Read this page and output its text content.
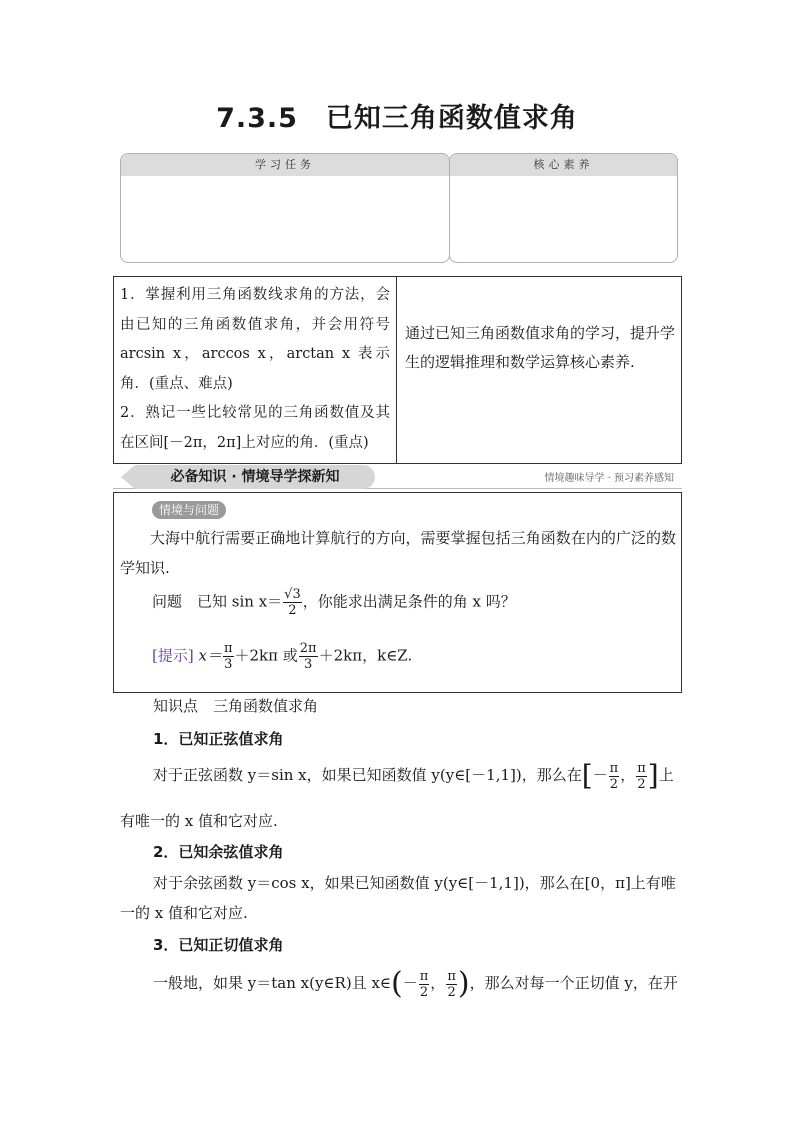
7.3.5　已知三角函数值求角
学习任务	核心素养
1．掌握利用三角函数线求角的方法，会由已知的三角函数值求角，并会用符号 arcsin x，arccos x，arctan x 表示角．(重点、难点)
2．熟记一些比较常见的三角函数值及其在区间[－2π，2π]上对应的角．(重点)
通过已知三角函数值求角的学习，提升学生的逻辑推理和数学运算核心素养.
必备知识 · 情境导学探新知	情境趣味导学 · 预习素养感知
情境与问题
大海中航行需要正确地计算航行的方向，需要掌握包括三角函数在内的广泛的数学知识.
问题　已知 $\sin x= \frac{√3}{2}$ ，你能求出满足条件的角 x 吗？
[提示] $x= \frac{\pi}{3} +2k\pi$ 或 $\frac{2\pi}{3} +2k\pi$，k∈Z.
知识点　三角函数值求角
1．已知正弦值求角
对于正弦函数 y＝sin x，如果已知函数值 y(y∈[－1,1])，那么在[－ $\frac{\pi}{2}$ ， $\frac{\pi}{2}$ ]上
有唯一的 x 值和它对应.
2．已知余弦值求角
对于余弦函数 y＝cos x，如果已知函数值 y(y∈[－1,1])，那么在[0，π]上有唯
一的 x 值和它对应.
3．已知正切值求角
一般地，如果 y＝tan x(y∈R)且 x∈(－ $\frac{\pi}{2}$ ， $\frac{\pi}{2}$ )，那么对每一个正切值 y，在开
